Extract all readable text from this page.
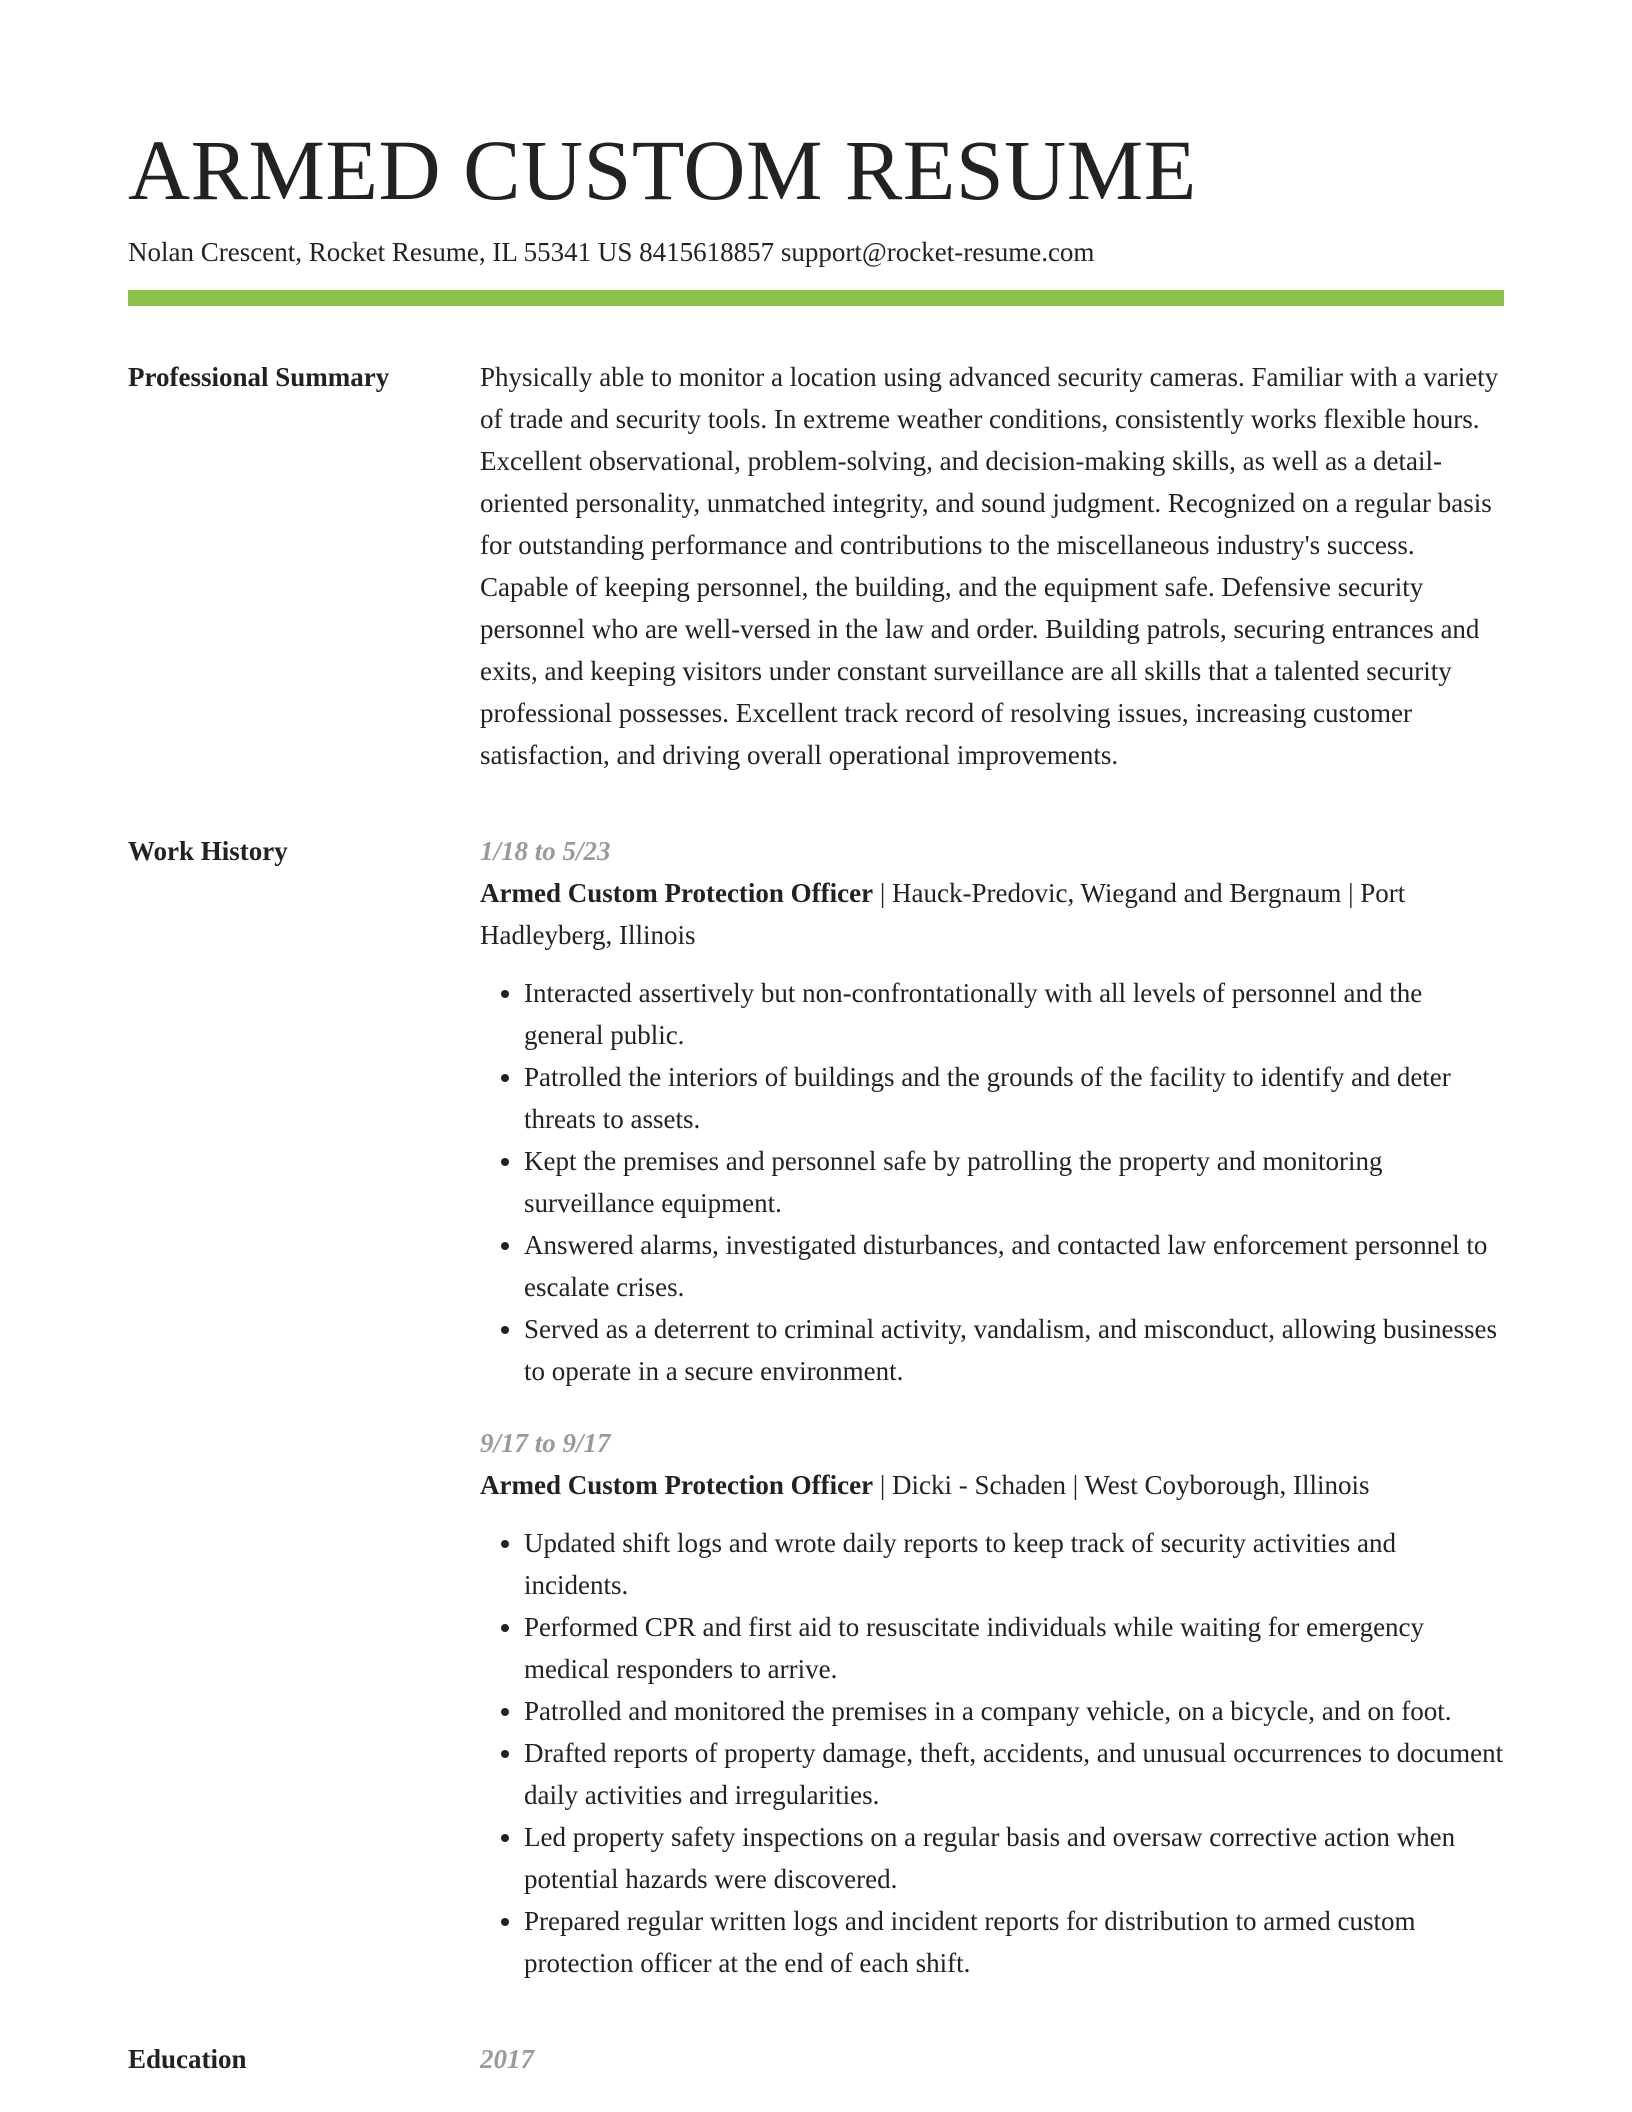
ARMED CUSTOM RESUME
Nolan Crescent, Rocket Resume, IL 55341 US 8415618857 support@rocket-resume.com
Professional Summary	Physically able to monitor a location using advanced security cameras. Familiar with a variety of trade and security tools. In extreme weather conditions, consistently works flexible hours. Excellent observational, problem-solving, and decision-making skills, as well as a detail-oriented personality, unmatched integrity, and sound judgment. Recognized on a regular basis for outstanding performance and contributions to the miscellaneous industry's success. Capable of keeping personnel, the building, and the equipment safe. Defensive security personnel who are well-versed in the law and order. Building patrols, securing entrances and exits, and keeping visitors under constant surveillance are all skills that a talented security professional possesses. Excellent track record of resolving issues, increasing customer satisfaction, and driving overall operational improvements.

Work History	1/18 to 5/23
Armed Custom Protection Officer | Hauck-Predovic, Wiegand and Bergnaum | Port Hadleyberg, Illinois
• Interacted assertively but non-confrontationally with all levels of personnel and the general public.
• Patrolled the interiors of buildings and the grounds of the facility to identify and deter threats to assets.
• Kept the premises and personnel safe by patrolling the property and monitoring surveillance equipment.
• Answered alarms, investigated disturbances, and contacted law enforcement personnel to escalate crises.
• Served as a deterrent to criminal activity, vandalism, and misconduct, allowing businesses to operate in a secure environment.
9/17 to 9/17
Armed Custom Protection Officer | Dicki - Schaden | West Coyborough, Illinois
• Updated shift logs and wrote daily reports to keep track of security activities and incidents.
• Performed CPR and first aid to resuscitate individuals while waiting for emergency medical responders to arrive.
• Patrolled and monitored the premises in a company vehicle, on a bicycle, and on foot.
• Drafted reports of property damage, theft, accidents, and unusual occurrences to document daily activities and irregularities.
• Led property safety inspections on a regular basis and oversaw corrective action when potential hazards were discovered.
• Prepared regular written logs and incident reports for distribution to armed custom protection officer at the end of each shift.
Education	2017
